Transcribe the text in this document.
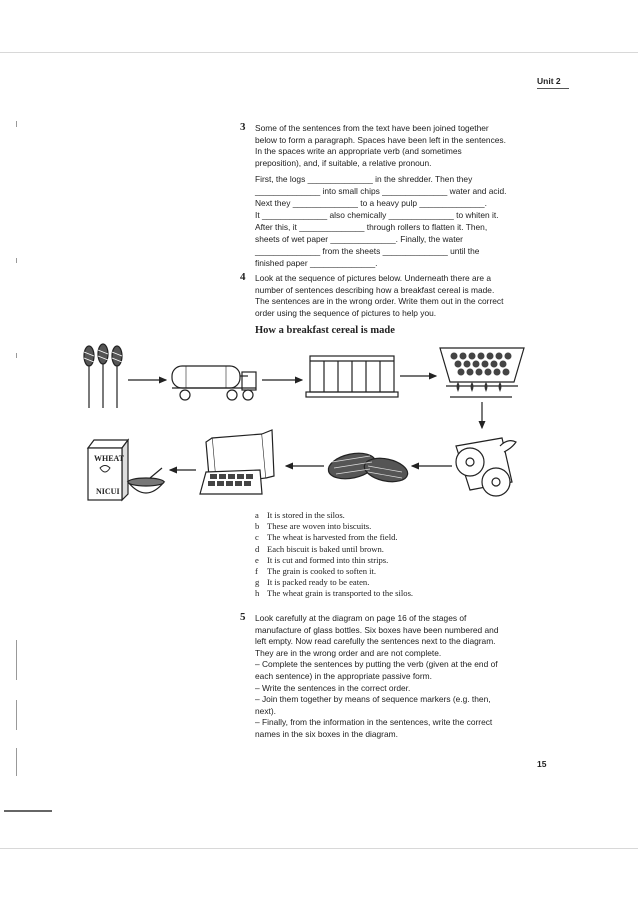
Unit 2
3 Some of the sentences from the text have been joined together
below to form a paragraph. Spaces have been left in the sentences.
In the spaces write an appropriate verb (and sometimes
preposition), and, if suitable, a relative pronoun.
First, the logs ______________ in the shredder. Then they
______________ into small chips ______________ water and acid.
Next they ______________ to a heavy pulp ______________.
It ______________ also chemically ______________ to whiten it.
After this, it ______________ through rollers to flatten it. Then,
sheets of wet paper ______________. Finally, the water
______________ from the sheets ______________ until the
finished paper ______________.
4 Look at the sequence of pictures below. Underneath there are a
number of sentences describing how a breakfast cereal is made.
The sentences are in the wrong order. Write them out in the correct
order using the sequence of pictures to help you.
How a breakfast cereal is made
WHEAT
NICUI
a It is stored in the silos.
b These are woven into biscuits.
c The wheat is harvested from the field.
d Each biscuit is baked until brown.
e It is cut and formed into thin strips.
f The grain is cooked to soften it.
g It is packed ready to be eaten.
h The wheat grain is transported to the silos.
5 Look carefully at the diagram on page 16 of the stages of
manufacture of glass bottles. Six boxes have been numbered and
left empty. Now read carefully the sentences next to the diagram.
They are in the wrong order and are not complete.
– Complete the sentences by putting the verb (given at the end of
each sentence) in the appropriate passive form.
– Write the sentences in the correct order.
– Join them together by means of sequence markers (e.g. then,
next).
– Finally, from the information in the sentences, write the correct
names in the six boxes in the diagram.
15
